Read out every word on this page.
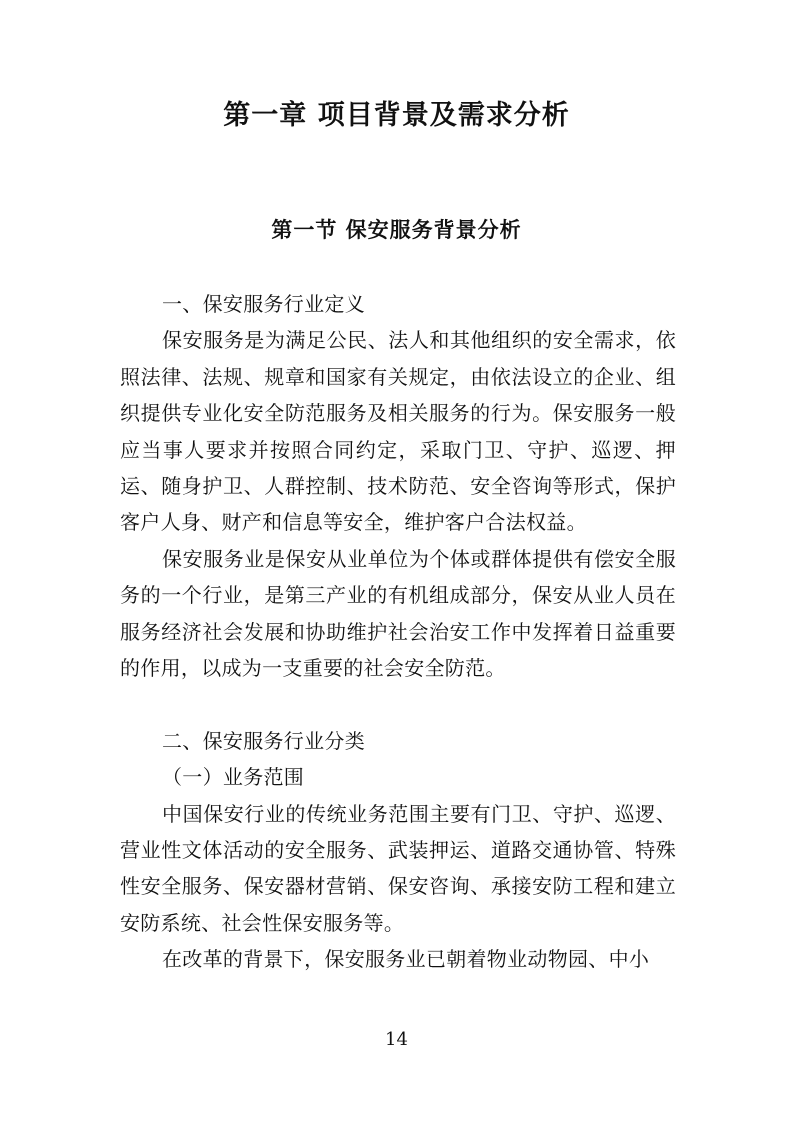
第一章 项目背景及需求分析
第一节 保安服务背景分析

一、保安服务行业定义

保安服务是为满足公民、法人和其他组织的安全需求，依照法律、法规、规章和国家有关规定，由依法设立的企业、组织提供专业化安全防范服务及相关服务的行为。保安服务一般应当事人要求并按照合同约定，采取门卫、守护、巡逻、押运、随身护卫、人群控制、技术防范、安全咨询等形式，保护客户人身、财产和信息等安全，维护客户合法权益。

保安服务业是保安从业单位为个体或群体提供有偿安全服务的一个行业，是第三产业的有机组成部分，保安从业人员在服务经济社会发展和协助维护社会治安工作中发挥着日益重要的作用，以成为一支重要的社会安全防范。

二、保安服务行业分类

（一）业务范围

中国保安行业的传统业务范围主要有门卫、守护、巡逻、营业性文体活动的安全服务、武装押运、道路交通协管、特殊性安全服务、保安器材营销、保安咨询、承接安防工程和建立安防系统、社会性保安服务等。

在改革的背景下，保安服务业已朝着物业动物园、中小

14
